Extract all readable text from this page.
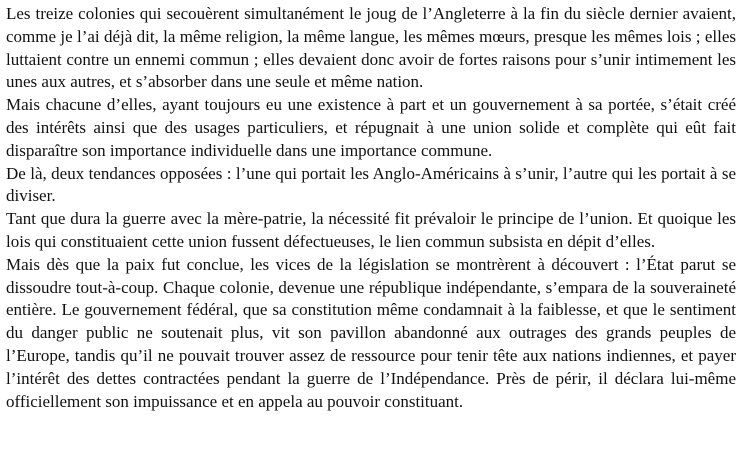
Les treize colonies qui secouèrent simultanément le joug de l’Angleterre à la fin du siècle dernier avaient, comme je l’ai déjà dit, la même religion, la même langue, les mêmes mœurs, presque les mêmes lois ; elles luttaient contre un ennemi commun ; elles devaient donc avoir de fortes raisons pour s’unir intimement les unes aux autres, et s’absorber dans une seule et même nation.

Mais chacune d’elles, ayant toujours eu une existence à part et un gouvernement à sa portée, s’était créé des intérêts ainsi que des usages particuliers, et répugnait à une union solide et complète qui eût fait disparaître son importance individuelle dans une importance commune.

De là, deux tendances opposées : l’une qui portait les Anglo-Américains à s’unir, l’autre qui les portait à se diviser.

Tant que dura la guerre avec la mère-patrie, la nécessité fit prévaloir le principe de l’union. Et quoique les lois qui constituaient cette union fussent défectueuses, le lien commun subsista en dépit d’elles.

Mais dès que la paix fut conclue, les vices de la législation se montrèrent à découvert : l’État parut se dissoudre tout-à-coup. Chaque colonie, devenue une république indépendante, s’empara de la souveraineté entière. Le gouvernement fédéral, que sa constitution même condamnait à la faiblesse, et que le sentiment du danger public ne soutenait plus, vit son pavillon abandonné aux outrages des grands peuples de l’Europe, tandis qu’il ne pouvait trouver assez de ressource pour tenir tête aux nations indiennes, et payer l’intérêt des dettes contractées pendant la guerre de l’Indépendance. Près de périr, il déclara lui-même officiellement son impuissance et en appela au pouvoir constituant.
